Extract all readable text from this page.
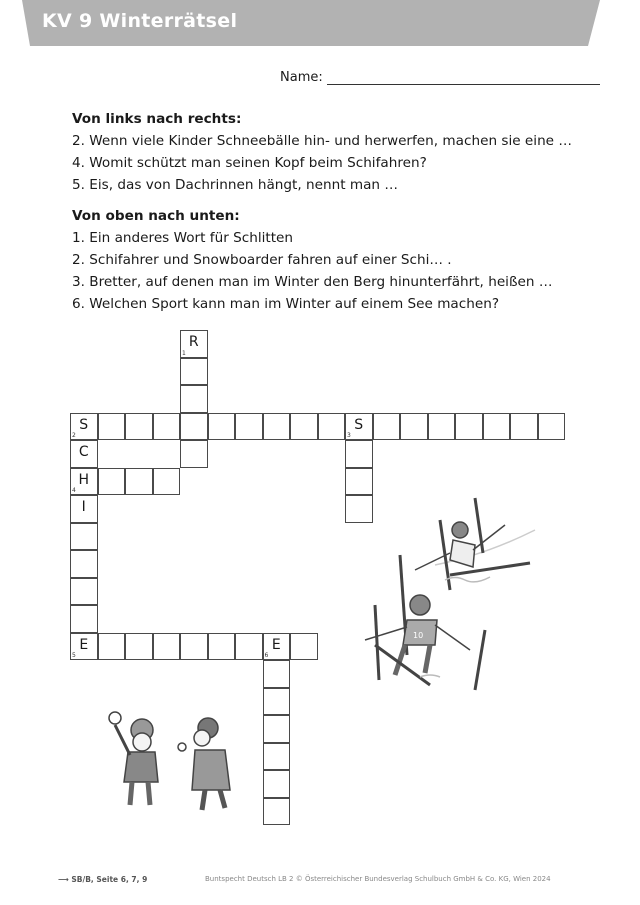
KV 9 Winterrätsel
Name:
Von links nach rechts:

2. Wenn viele Kinder Schneebälle hin- und herwerfen, machen sie eine …

4. Womit schützt man seinen Kopf beim Schifahren?

5. Eis, das von Dachrinnen hängt, nennt man …

Von oben nach unten:

1. Ein anderes Wort für Schlitten

2. Schifahrer und Snowboarder fahren auf einer Schi… .

3. Bretter, auf denen man im Winter den Berg hinunterfährt, heißen …

6. Welchen Sport kann man im Winter auf einem See machen?

1
R
2
S
3
S
C
4
H
I
5
E
6
E
10
⟶ SB/B, Seite 6, 7, 9	Buntspecht Deutsch LB 2 © Österreichischer Bundesverlag Schulbuch GmbH & Co. KG, Wien 2024
